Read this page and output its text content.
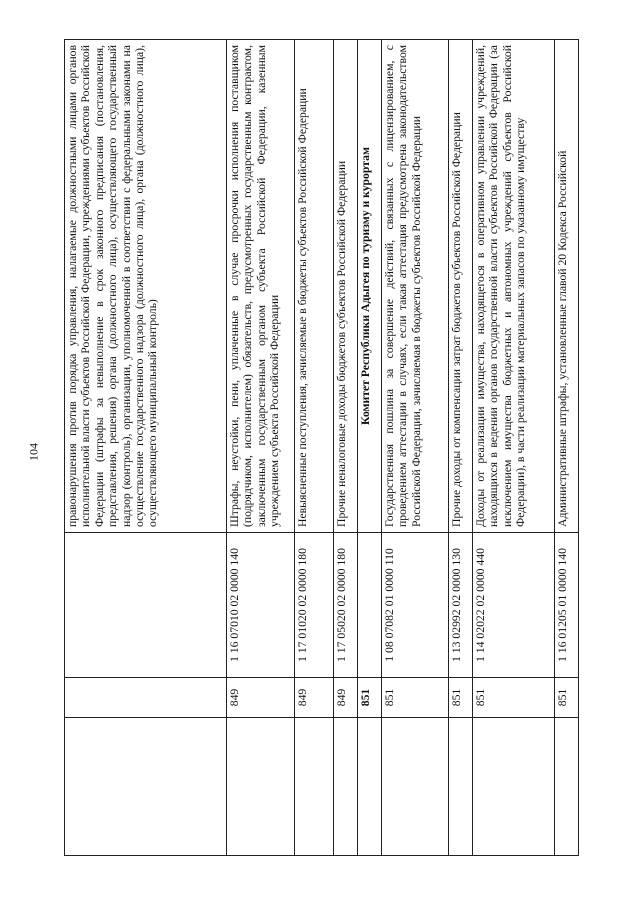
104
			правонарушения против порядка управления, налагаемые должностными лицами органов исполнительной власти субъектов Российской Федерации, учреждениями субъектов Российской Федерации (штрафы за невыполнение в срок законного предписания (постановления, представления, решения) органа (должностного лица), осуществляющего государственный надзор (контроль), организации, уполномоченной в соответствии с федеральными законами на осуществление государственного надзора (должностного лица), органа (должностного лица), осуществляющего муниципальный контроль)
	849	1 16 07010 02 0000 140	Штрафы, неустойки, пени, уплаченные в случае просрочки исполнения поставщиком (подрядчиком, исполнителем) обязательств, предусмотренных государственным контрактом, заключенным государственным органом субъекта Российской Федерации, казенным учреждением субъекта Российской Федерации
	849	1 17 01020 02 0000 180	Невыясненные поступления, зачисляемые в бюджеты субъектов Российской Федерации
	849	1 17 05020 02 0000 180	Прочие неналоговые доходы бюджетов субъектов Российской Федерации
	851		Комитет Республики Адыгея по туризму и курортам
	851	1 08 07082 01 0000 110	Государственная пошлина за совершение действий, связанных с лицензированием, с проведением аттестации в случаях, если такая аттестация предусмотрена законодательством Российской Федерации, зачисляемая в бюджеты субъектов Российской Федерации
	851	1 13 02992 02 0000 130	Прочие доходы от компенсации затрат бюджетов субъектов Российской Федерации
	851	1 14 02022 02 0000 440	Доходы от реализации имущества, находящегося в оперативном управлении учреждений, находящихся в ведении органов государственной власти субъектов Российской Федерации (за исключением имущества бюджетных и автономных учреждений субъектов Российской Федерации), в части реализации материальных запасов по указанному имуществу
	851	1 16 01205 01 0000 140	Административные штрафы, установленные главой 20 Кодекса Российской
